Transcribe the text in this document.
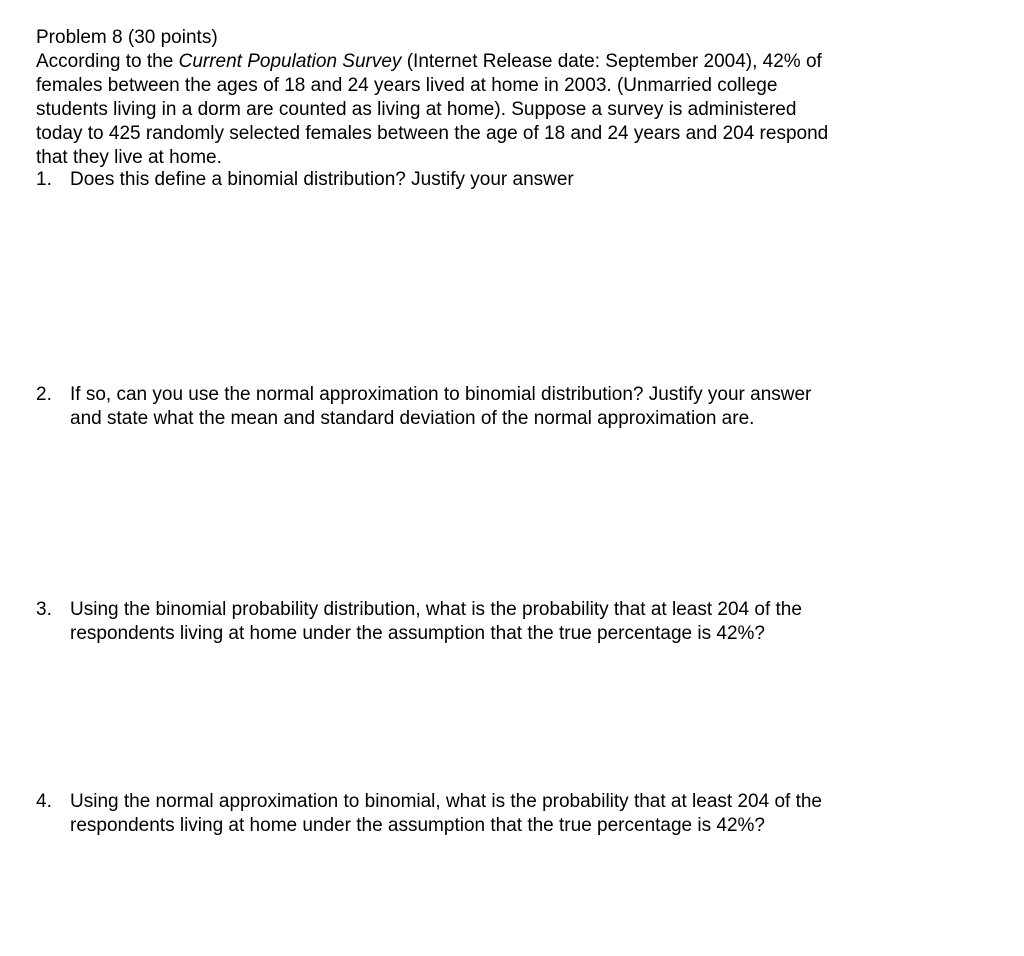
Problem 8 (30 points)

According to the Current Population Survey (Internet Release date: September 2004), 42% of

females between the ages of 18 and 24 years lived at home in 2003. (Unmarried college

students living in a dorm are counted as living at home). Suppose a survey is administered

today to 425 randomly selected females between the age of 18 and 24 years and 204 respond

that they live at home.

1. Does this define a binomial distribution? Justify your answer
2. If so, can you use the normal approximation to binomial distribution? Justify your answer
and state what the mean and standard deviation of the normal approximation are.
3. Using the binomial probability distribution, what is the probability that at least 204 of the
respondents living at home under the assumption that the true percentage is 42%?
4. Using the normal approximation to binomial, what is the probability that at least 204 of the
respondents living at home under the assumption that the true percentage is 42%?
